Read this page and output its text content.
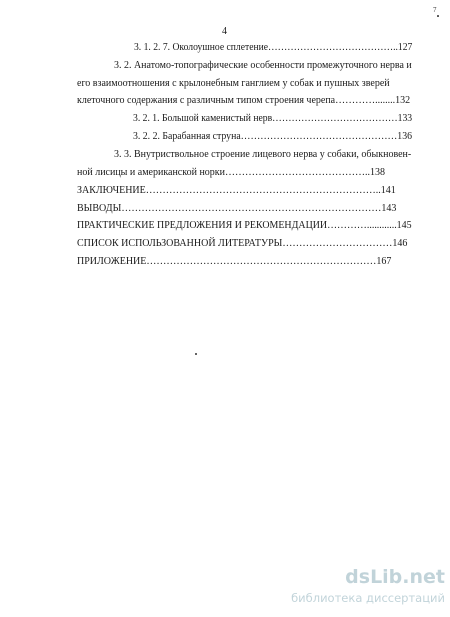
7
4
3. 1. 2. 7. Околоушное сплетение…………………………………..127
3. 2. Анатомо-топографические особенности промежуточного нерва и
его взаимоотношения с крылонебным ганглием у собак и пушных зверей
клеточного содержания с различным типом строения черепа…………........132
3. 2. 1. Большой каменистый нерв…………………………………133
3. 2. 2. Барабанная струна…………………………………………136
3. 3. Внутриствольное строение лицевого нерва у собаки, обыкновен-
ной лисицы и американской норки……………………………………..138
ЗАКЛЮЧЕНИЕ……………………………………………………………..141
ВЫВОДЫ……………………………………………………………………143
ПРАКТИЧЕСКИЕ ПРЕДЛОЖЕНИЯ И РЕКОМЕНДАЦИИ…………............145
СПИСОК ИСПОЛЬЗОВАННОЙ ЛИТЕРАТУРЫ……………………………146
ПРИЛОЖЕНИЕ……………………………………………………………167
dsLib.net
библиотека диссертаций
